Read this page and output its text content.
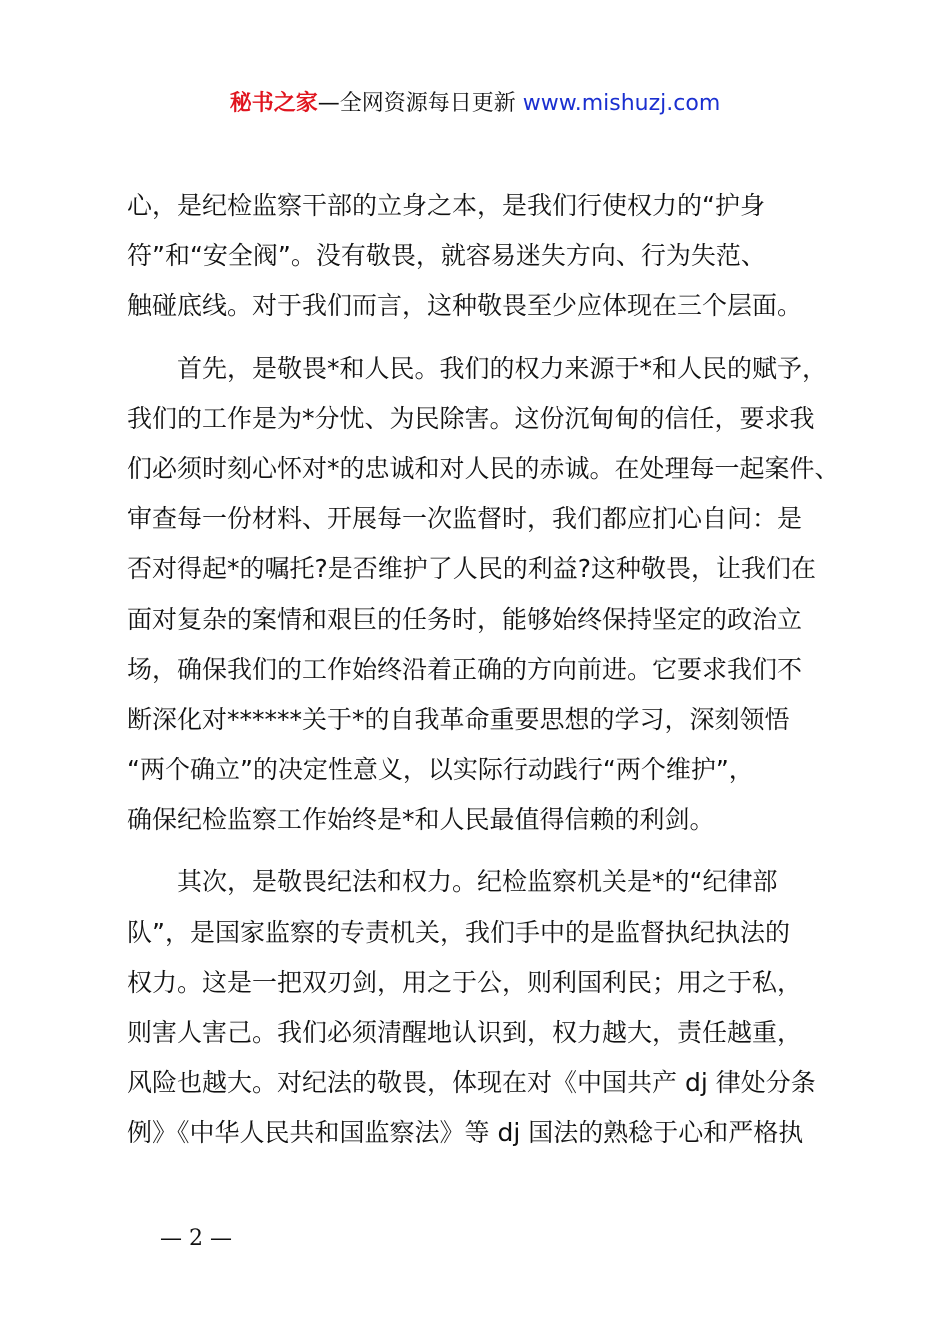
秘书之家—全网资源每日更新 www.mishuzj.com
心，是纪检监察干部的立身之本，是我们行使权力的“护身
符”和“安全阀”。没有敬畏，就容易迷失方向、行为失范、
触碰底线。对于我们而言，这种敬畏至少应体现在三个层面。
　　首先，是敬畏*和人民。我们的权力来源于*和人民的赋予，
我们的工作是为*分忧、为民除害。这份沉甸甸的信任，要求我
们必须时刻心怀对*的忠诚和对人民的赤诚。在处理每一起案件、
审查每一份材料、开展每一次监督时，我们都应扪心自问：是
否对得起*的嘱托?是否维护了人民的利益?这种敬畏，让我们在
面对复杂的案情和艰巨的任务时，能够始终保持坚定的政治立
场，确保我们的工作始终沿着正确的方向前进。它要求我们不
断深化对******关于*的自我革命重要思想的学习，深刻领悟
“两个确立”的决定性意义，以实际行动践行“两个维护”，
确保纪检监察工作始终是*和人民最值得信赖的利剑。
　　其次，是敬畏纪法和权力。纪检监察机关是*的“纪律部
队”，是国家监察的专责机关，我们手中的是监督执纪执法的
权力。这是一把双刃剑，用之于公，则利国利民；用之于私，
则害人害己。我们必须清醒地认识到，权力越大，责任越重，
风险也越大。对纪法的敬畏，体现在对《中国共产 dj 律处分条
例》《中华人民共和国监察法》等 dj 国法的熟稔于心和严格执
— 2 —
